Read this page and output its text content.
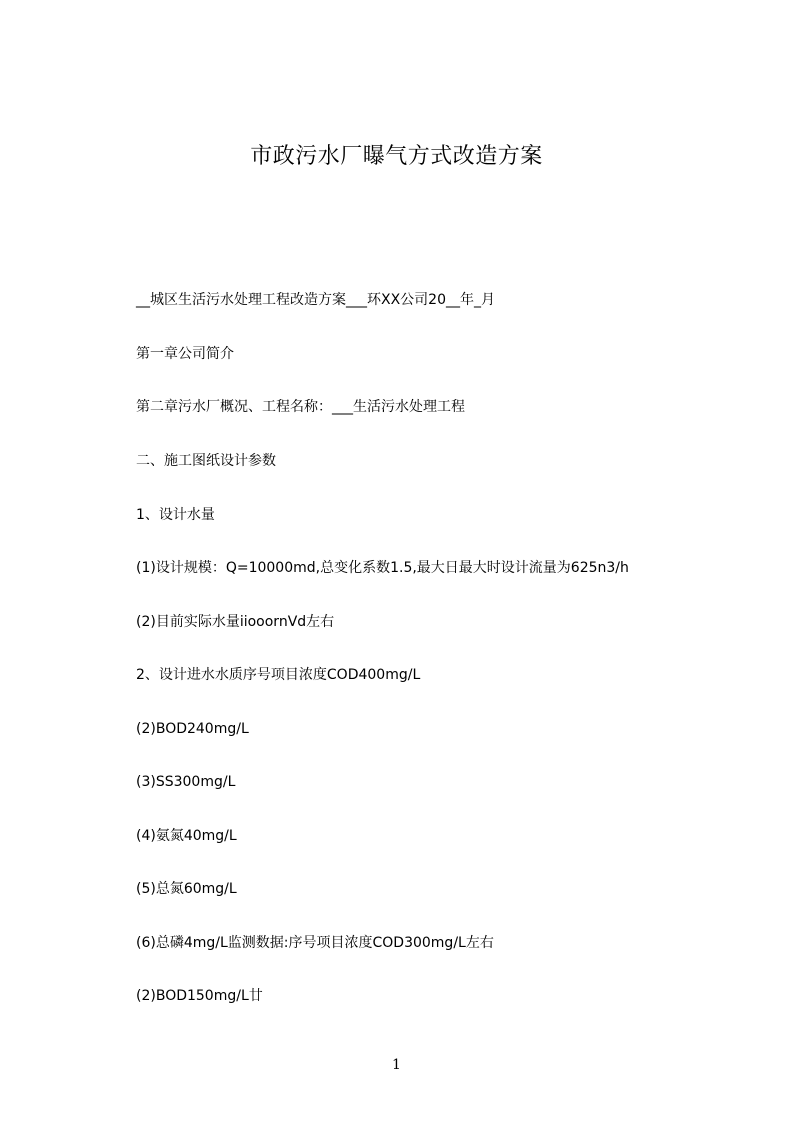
市政污水厂曝气方式改造方案
__城区生活污水处理工程改造方案___环XX公司20__年_月
第一章公司简介
第二章污水厂概况、工程名称：___生活污水处理工程
二、施工图纸设计参数
1、设计水量
(1)设计规模：Q=10000md,总变化系数1.5,最大日最大时设计流量为625n3/h
(2)目前实际水量iiooornVd左右
2、设计进水水质序号项目浓度COD400mg/L
(2)BOD240mg/L
(3)SS300mg/L
(4)氨氮40mg/L
(5)总氮60mg/L
(6)总磷4mg/L监测数据:序号项目浓度COD300mg/L左右
(2)BOD150mg/L廿
1
